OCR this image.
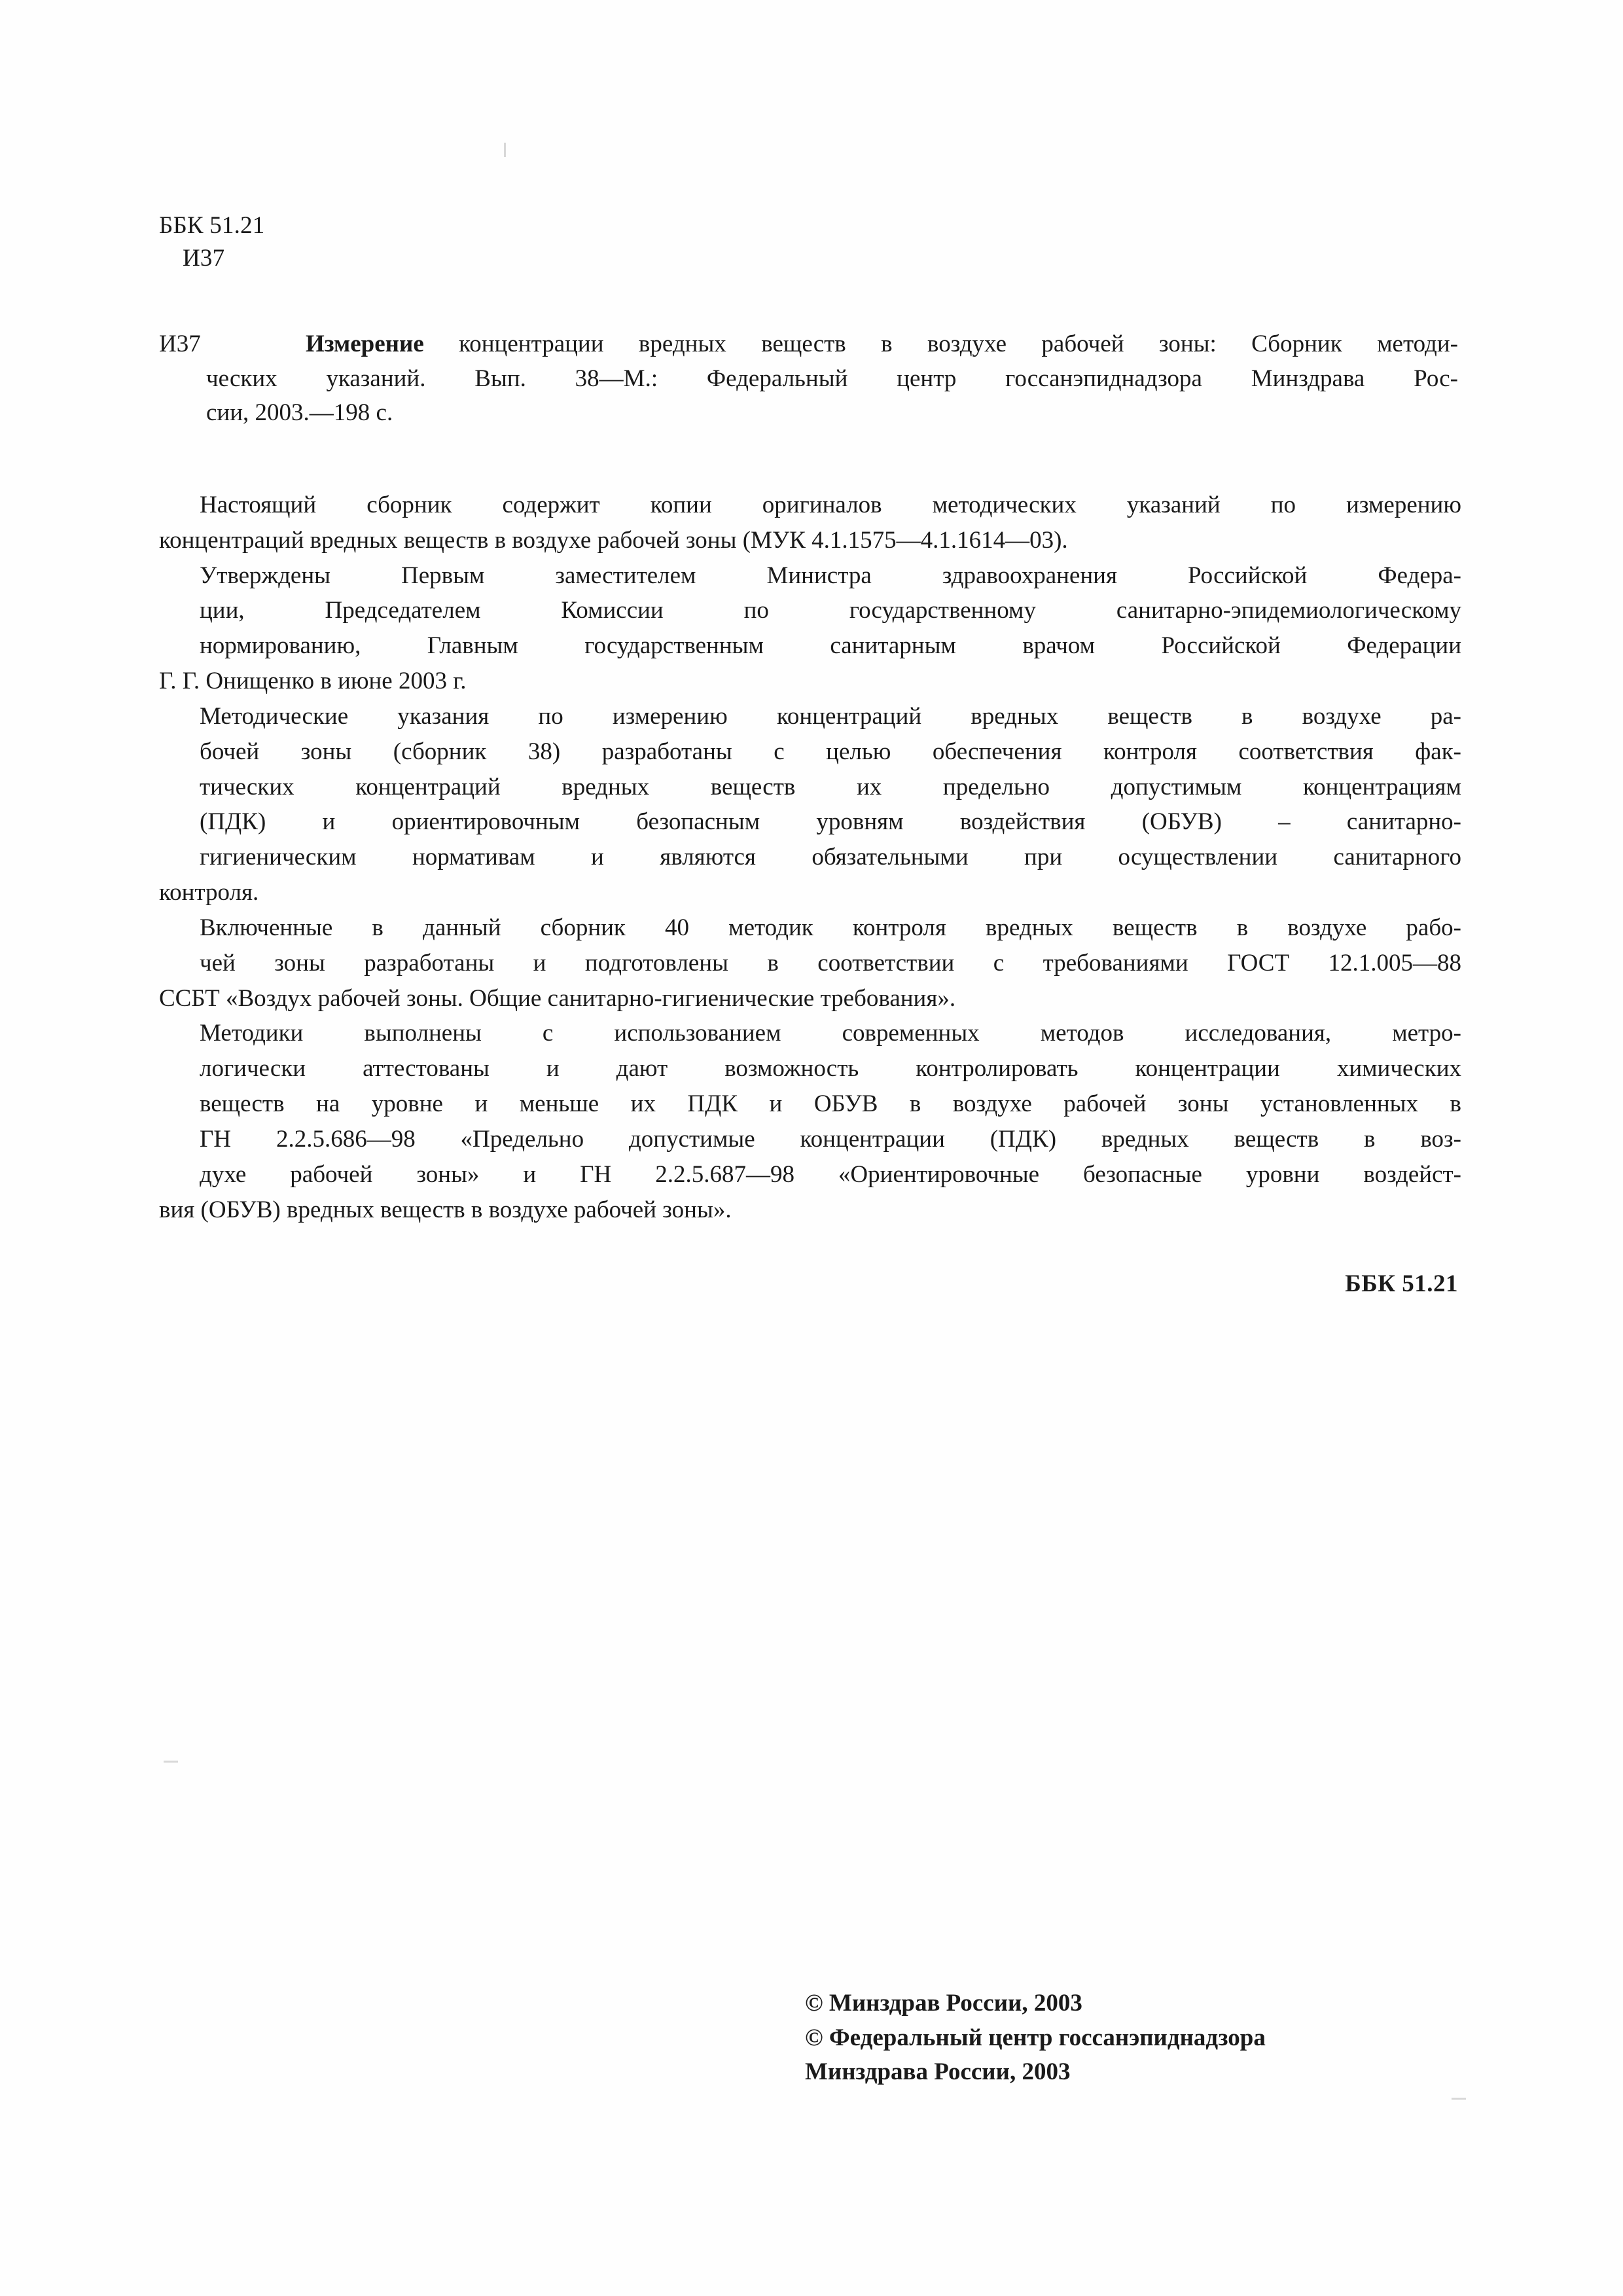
ББК 51.21
И37
И37	Измерение концентрации вредных веществ в воздухе рабочей зоны: Сборник методи-
ческих указаний. Вып. 38—М.: Федеральный центр госсанэпиднадзора Минздрава Рос-
сии, 2003.—198 с.

Настоящий сборник содержит копии оригиналов методических указаний по измерению
концентраций вредных веществ в воздухе рабочей зоны (МУК 4.1.1575—4.1.1614—03).

Утверждены Первым заместителем Министра здравоохранения Российской Федера-
ции, Председателем Комиссии по государственному санитарно-эпидемиологическому
нормированию, Главным государственным санитарным врачом Российской Федерации
Г. Г. Онищенко в июне 2003 г.

Методические указания по измерению концентраций вредных веществ в воздухе ра-
бочей зоны (сборник 38) разработаны с целью обеспечения контроля соответствия фак-
тических концентраций вредных веществ их предельно допустимым концентрациям
(ПДК) и ориентировочным безопасным уровням воздействия (ОБУВ) – санитарно-
гигиеническим нормативам и являются обязательными при осуществлении санитарного
контроля.

Включенные в данный сборник 40 методик контроля вредных веществ в воздухе рабо-
чей зоны разработаны и подготовлены в соответствии с требованиями ГОСТ 12.1.005—88
ССБТ «Воздух рабочей зоны. Общие санитарно-гигиенические требования».

Методики выполнены с использованием современных методов исследования, метро-
логически аттестованы и дают возможность контролировать концентрации химических
веществ на уровне и меньше их ПДК и ОБУВ в воздухе рабочей зоны установленных в
ГН 2.2.5.686—98 «Предельно допустимые концентрации (ПДК) вредных веществ в воз-
духе рабочей зоны» и ГН 2.2.5.687—98 «Ориентировочные безопасные уровни воздейст-
вия (ОБУВ) вредных веществ в воздухе рабочей зоны».

ББК 51.21
© Минздрав России, 2003
© Федеральный центр госсанэпиднадзора
Минздрава России, 2003
